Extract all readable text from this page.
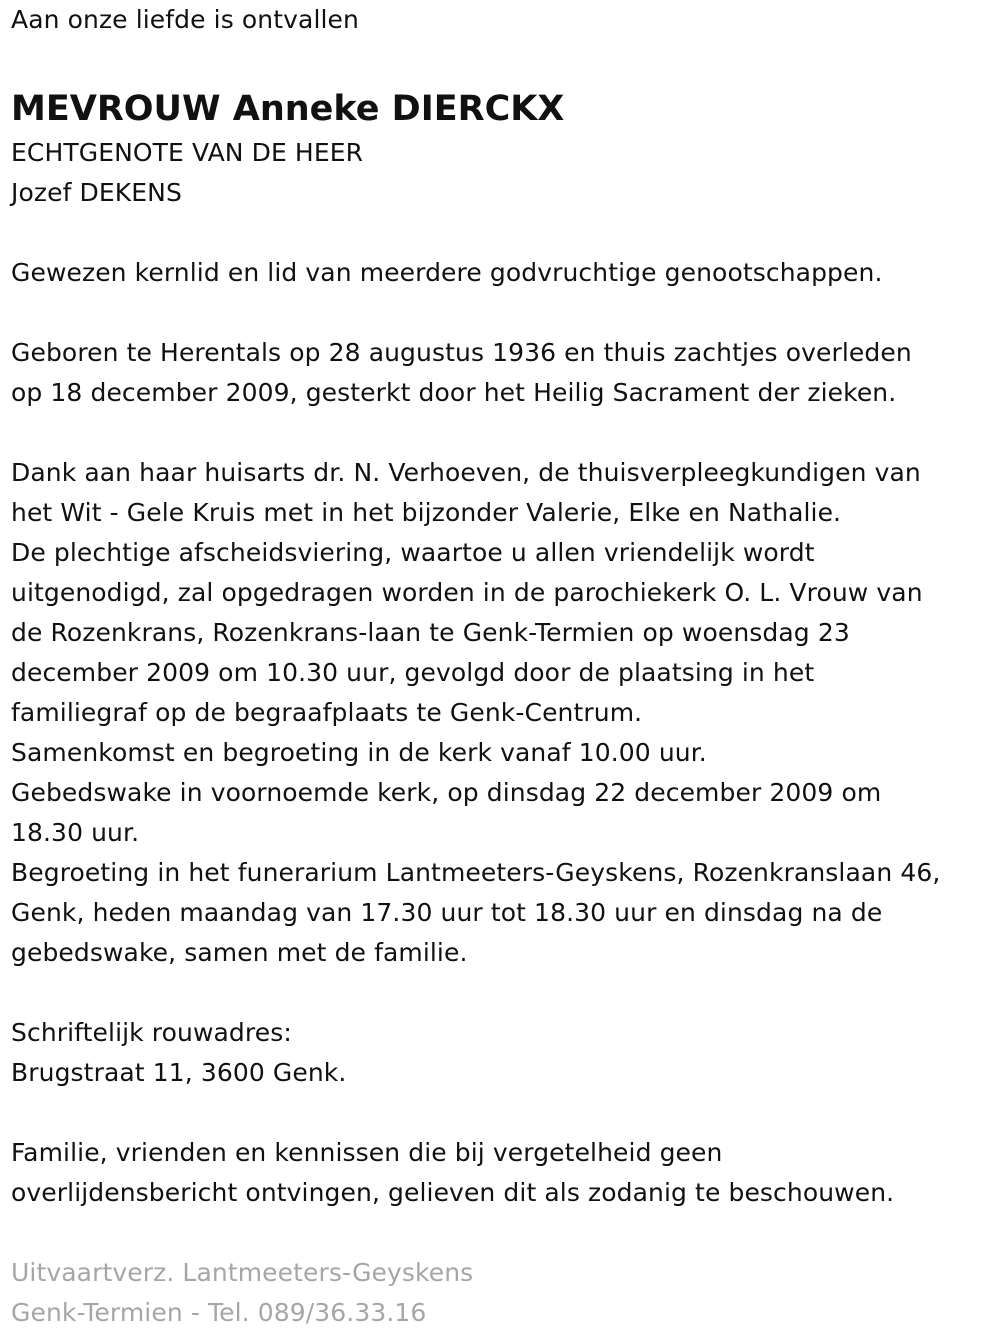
Aan onze liefde is ontvallen
MEVROUW Anneke DIERCKX
ECHTGENOTE VAN DE HEER
Jozef DEKENS
Gewezen kernlid en lid van meerdere godvruchtige genootschappen.
Geboren te Herentals op 28 augustus 1936 en thuis zachtjes overleden
op 18 december 2009, gesterkt door het Heilig Sacrament der zieken.
Dank aan haar huisarts dr. N. Verhoeven, de thuisverpleegkundigen van
het Wit - Gele Kruis met in het bijzonder Valerie, Elke en Nathalie.
De plechtige afscheidsviering, waartoe u allen vriendelijk wordt
uitgenodigd, zal opgedragen worden in de parochiekerk O. L. Vrouw van
de Rozenkrans, Rozenkrans-laan te Genk-Termien op woensdag 23
december 2009 om 10.30 uur, gevolgd door de plaatsing in het
familiegraf op de begraafplaats te Genk-Centrum.
Samenkomst en begroeting in de kerk vanaf 10.00 uur.
Gebedswake in voornoemde kerk, op dinsdag 22 december 2009 om
18.30 uur.
Begroeting in het funerarium Lantmeeters-Geyskens, Rozenkranslaan 46,
Genk, heden maandag van 17.30 uur tot 18.30 uur en dinsdag na de
gebedswake, samen met de familie.
Schriftelijk rouwadres:
Brugstraat 11, 3600 Genk.
Familie, vrienden en kennissen die bij vergetelheid geen
overlijdensbericht ontvingen, gelieven dit als zodanig te beschouwen.
Uitvaartverz. Lantmeeters-Geyskens
Genk-Termien - Tel. 089/36.33.16
